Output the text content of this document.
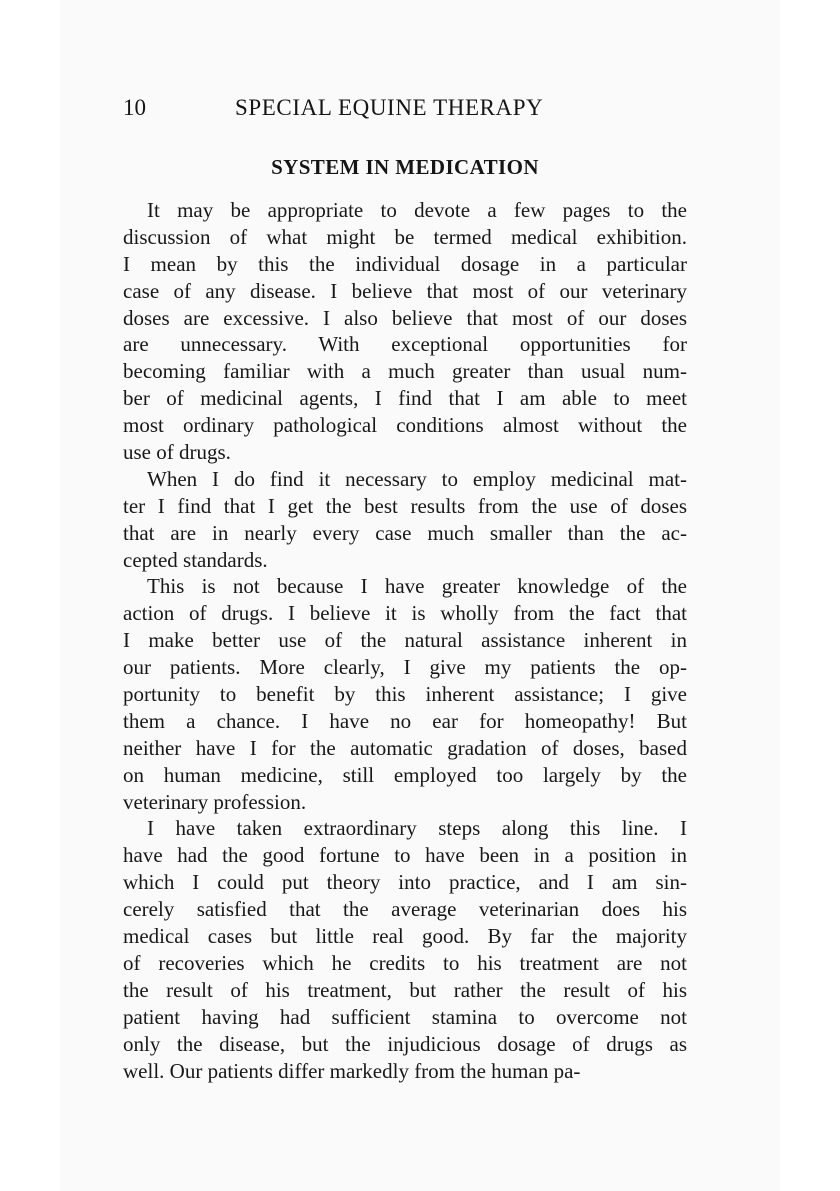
10	SPECIAL EQUINE THERAPY
SYSTEM IN MEDICATION
It may be appropriate to devote a few pages to the
discussion of what might be termed medical exhibition.
I mean by this the individual dosage in a particular
case of any disease. I believe that most of our veterinary
doses are excessive. I also believe that most of our doses
are unnecessary. With exceptional opportunities for
becoming familiar with a much greater than usual num-
ber of medicinal agents, I find that I am able to meet
most ordinary pathological conditions almost without the
use of drugs.
When I do find it necessary to employ medicinal mat-
ter I find that I get the best results from the use of doses
that are in nearly every case much smaller than the ac-
cepted standards.
This is not because I have greater knowledge of the
action of drugs. I believe it is wholly from the fact that
I make better use of the natural assistance inherent in
our patients. More clearly, I give my patients the op-
portunity to benefit by this inherent assistance; I give
them a chance. I have no ear for homeopathy! But
neither have I for the automatic gradation of doses, based
on human medicine, still employed too largely by the
veterinary profession.
I have taken extraordinary steps along this line. I
have had the good fortune to have been in a position in
which I could put theory into practice, and I am sin-
cerely satisfied that the average veterinarian does his
medical cases but little real good. By far the majority
of recoveries which he credits to his treatment are not
the result of his treatment, but rather the result of his
patient having had sufficient stamina to overcome not
only the disease, but the injudicious dosage of drugs as
well. Our patients differ markedly from the human pa-
